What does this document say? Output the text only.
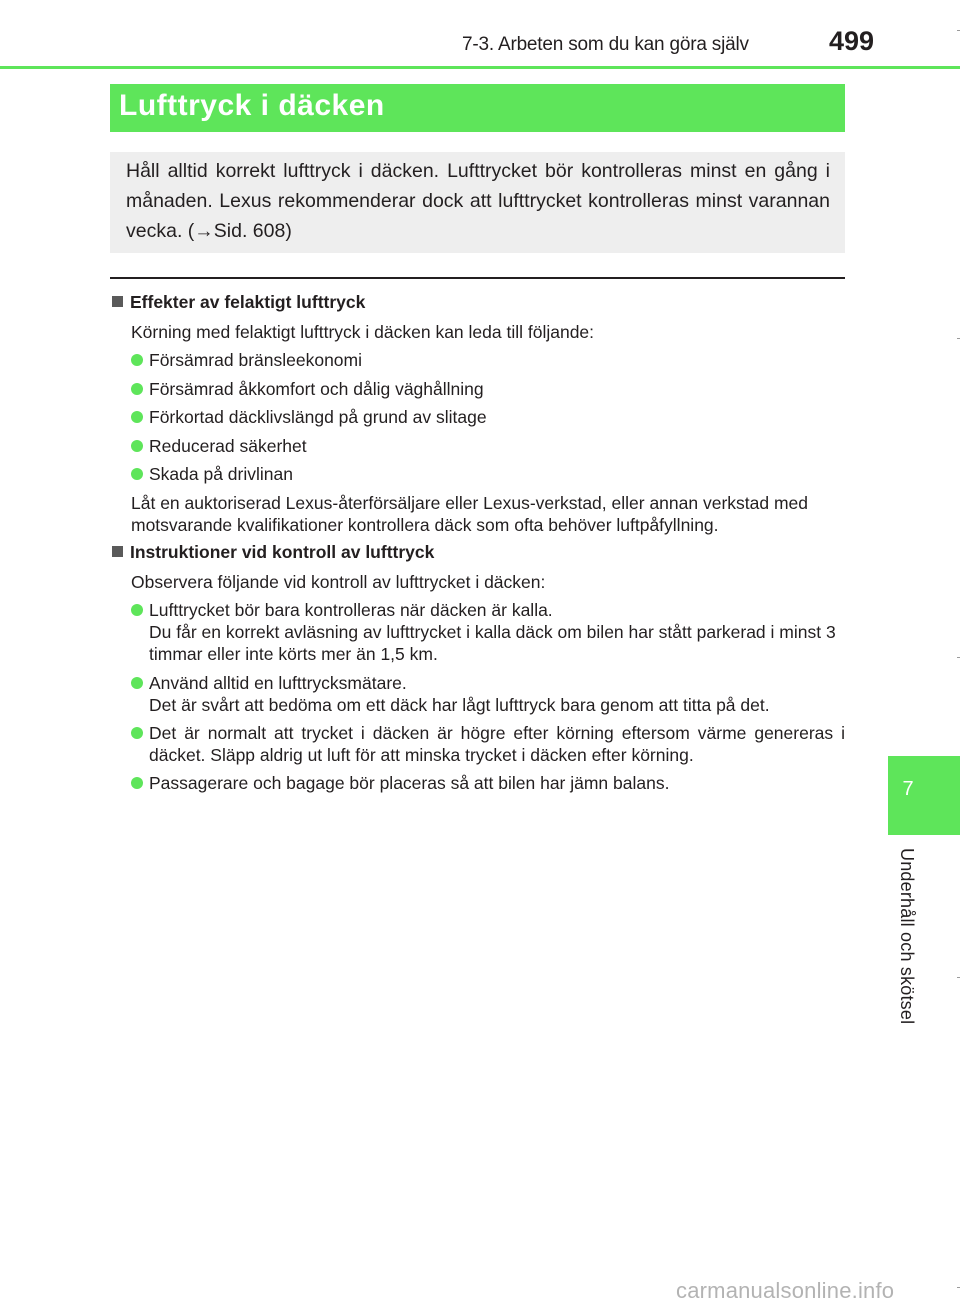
7-3. Arbeten som du kan göra själv	499
Lufttryck i däcken
Håll alltid korrekt lufttryck i däcken. Lufttrycket bör kontrolleras minst en gång i månaden. Lexus rekommenderar dock att lufttrycket kontrolleras minst varannan vecka. (→Sid. 608)
Effekter av felaktigt lufttryck
Körning med felaktigt lufttryck i däcken kan leda till följande:
Försämrad bränsleekonomi
Försämrad åkkomfort och dålig väghållning
Förkortad däcklivslängd på grund av slitage
Reducerad säkerhet
Skada på drivlinan
Låt en auktoriserad Lexus-återförsäljare eller Lexus-verkstad, eller annan verkstad med motsvarande kvalifikationer kontrollera däck som ofta behöver luftpåfyllning.
Instruktioner vid kontroll av lufttryck
Observera följande vid kontroll av lufttrycket i däcken:
Lufttrycket bör bara kontrolleras när däcken är kalla.
Du får en korrekt avläsning av lufttrycket i kalla däck om bilen har stått parkerad i minst 3 timmar eller inte körts mer än 1,5 km.
Använd alltid en lufttrycksmätare.
Det är svårt att bedöma om ett däck har lågt lufttryck bara genom att titta på det.
Det är normalt att trycket i däcken är högre efter körning eftersom värme genereras i däcket. Släpp aldrig ut luft för att minska trycket i däcken efter körning.
Passagerare och bagage bör placeras så att bilen har jämn balans.	7
Underhåll och skötsel
carmanualsonline.info
